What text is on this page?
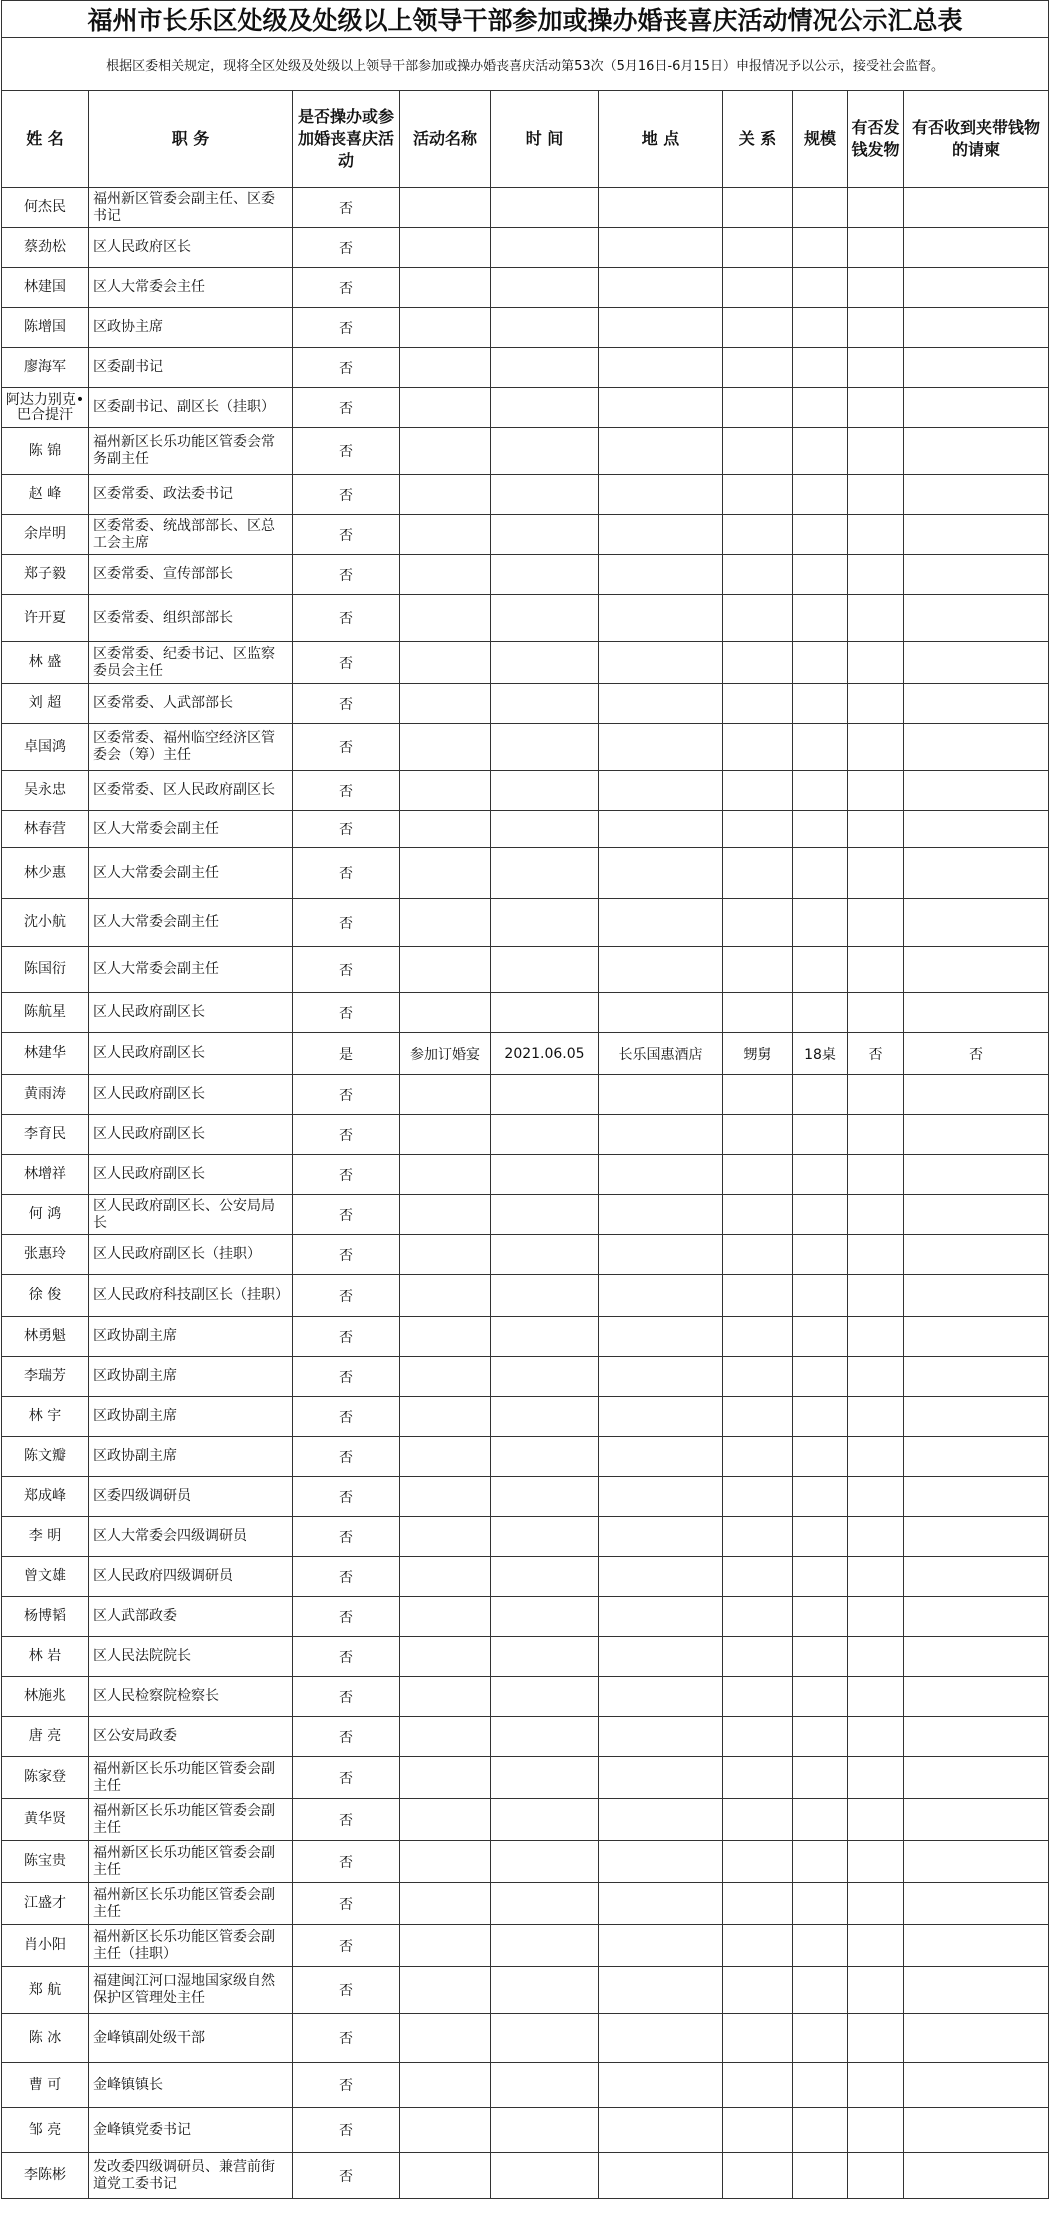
福州市长乐区处级及处级以上领导干部参加或操办婚丧喜庆活动情况公示汇总表									
根据区委相关规定，现将全区处级及处级以上领导干部参加或操办婚丧喜庆活动第53次（5月16日-6月15日）申报情况予以公示，接受社会监督。									
姓 名	职 务	是否操办或参加婚丧喜庆活动	活动名称	时 间	地 点	关 系	规模	有否发钱发物	有否收到夹带钱物的请柬
何杰民	福州新区管委会副主任、区委书记	否							
蔡劲松	区人民政府区长	否							
林建国	区人大常委会主任	否							
陈增国	区政协主席	否							
廖海军	区委副书记	否							
阿达力别克•巴合提汗	区委副书记、副区长（挂职）	否							
陈 锦	福州新区长乐功能区管委会常务副主任	否							
赵 峰	区委常委、政法委书记	否							
余岸明	区委常委、统战部部长、区总工会主席	否							
郑子毅	区委常委、宣传部部长	否							
许开夏	区委常委、组织部部长	否							
林 盛	区委常委、纪委书记、区监察委员会主任	否							
刘 超	区委常委、人武部部长	否							
卓国鸿	区委常委、福州临空经济区管委会（筹）主任	否							
吴永忠	区委常委、区人民政府副区长	否							
林春营	区人大常委会副主任	否							
林少惠	区人大常委会副主任	否							
沈小航	区人大常委会副主任	否							
陈国衍	区人大常委会副主任	否							
陈航星	区人民政府副区长	否							
林建华	区人民政府副区长	是	参加订婚宴	2021.06.05	长乐国惠酒店	甥舅	18桌	否	否
黄雨涛	区人民政府副区长	否							
李育民	区人民政府副区长	否							
林增祥	区人民政府副区长	否							
何 鸿	区人民政府副区长、公安局局长	否							
张惠玲	区人民政府副区长（挂职）	否							
徐 俊	区人民政府科技副区长（挂职）	否							
林勇魁	区政协副主席	否							
李瑞芳	区政协副主席	否							
林 宇	区政协副主席	否							
陈文瓣	区政协副主席	否							
郑成峰	区委四级调研员	否							
李 明	区人大常委会四级调研员	否							
曾文雄	区人民政府四级调研员	否							
杨博韬	区人武部政委	否							
林 岩	区人民法院院长	否							
林施兆	区人民检察院检察长	否							
唐 亮	区公安局政委	否							
陈家登	福州新区长乐功能区管委会副主任	否							
黄华贤	福州新区长乐功能区管委会副主任	否							
陈宝贵	福州新区长乐功能区管委会副主任	否							
江盛才	福州新区长乐功能区管委会副主任	否							
肖小阳	福州新区长乐功能区管委会副主任（挂职）	否							
郑 航	福建闽江河口湿地国家级自然保护区管理处主任	否							
陈 冰	金峰镇副处级干部	否							
曹 可	金峰镇镇长	否							
邹 亮	金峰镇党委书记	否							
李陈彬	发改委四级调研员、兼营前街道党工委书记	否							
